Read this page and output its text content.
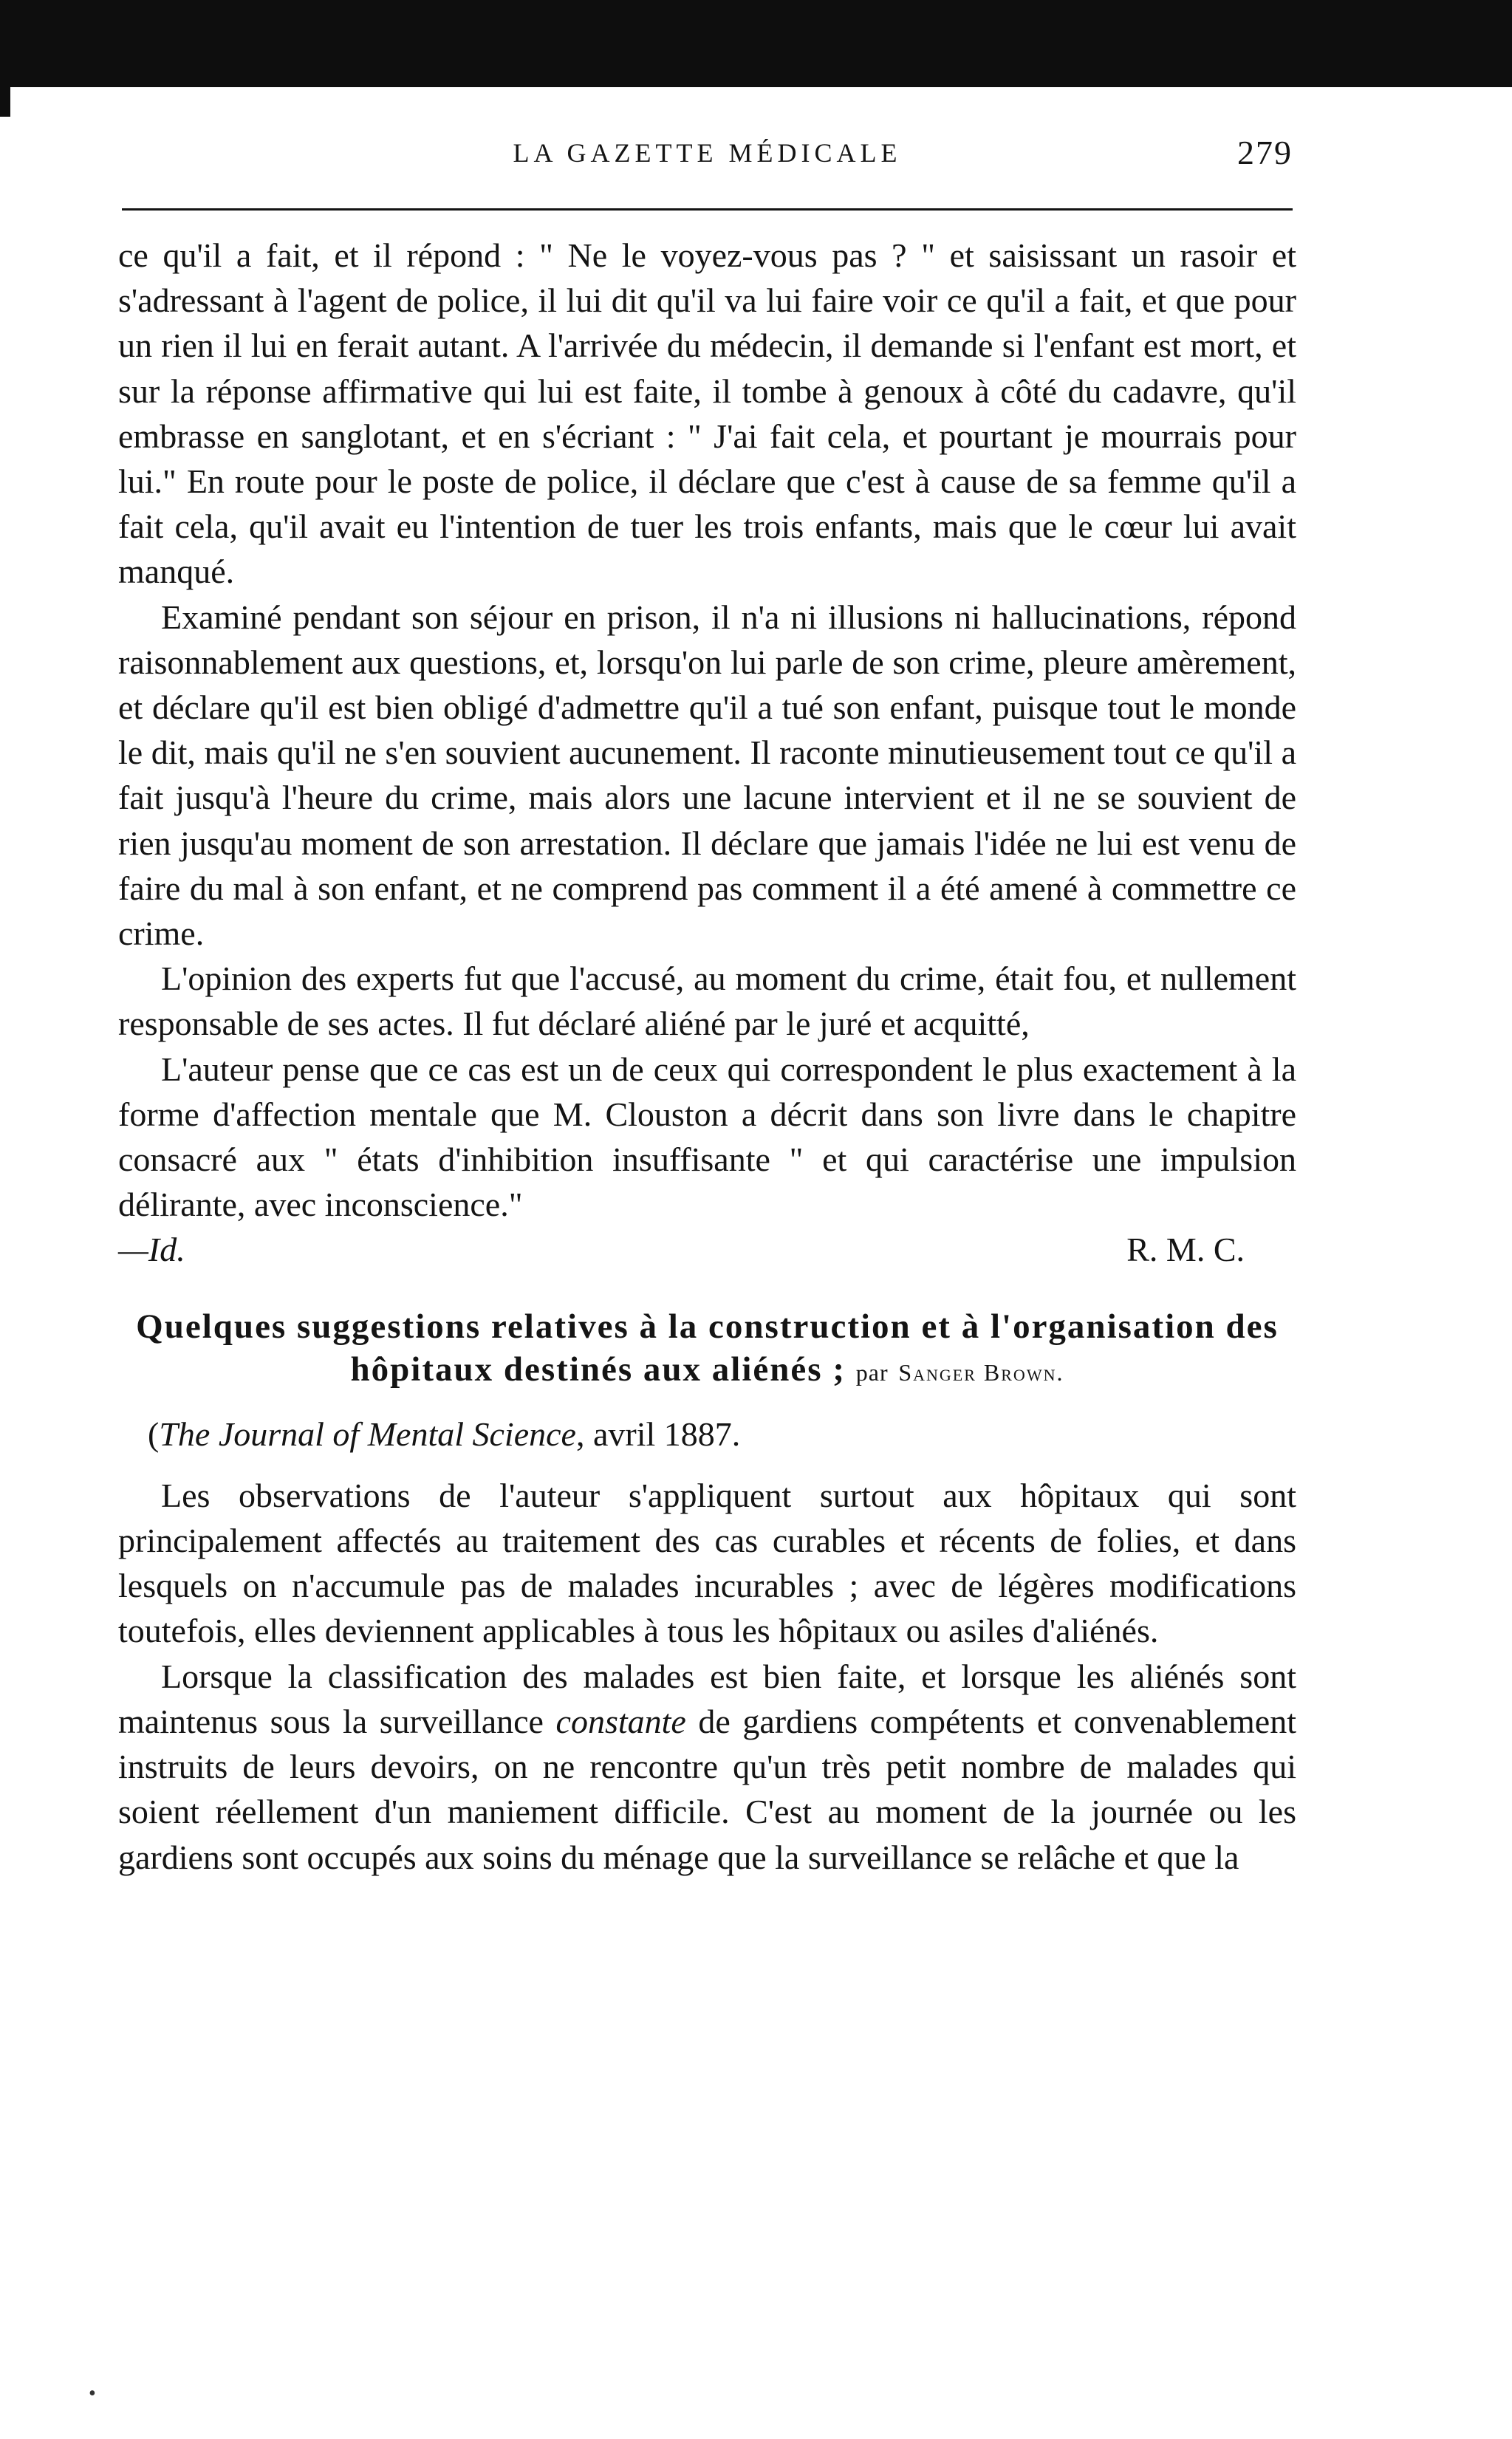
LA GAZETTE MÉDICALE	279

ce qu'il a fait, et il répond : " Ne le voyez-vous pas ? " et saisissant un rasoir et s'adressant à l'agent de police, il lui dit qu'il va lui faire voir ce qu'il a fait, et que pour un rien il lui en ferait autant. A l'arrivée du médecin, il demande si l'enfant est mort, et sur la réponse affirmative qui lui est faite, il tombe à genoux à côté du cadavre, qu'il embrasse en sanglotant, et en s'écriant : " J'ai fait cela, et pourtant je mourrais pour lui." En route pour le poste de police, il déclare que c'est à cause de sa femme qu'il a fait cela, qu'il avait eu l'intention de tuer les trois enfants, mais que le cœur lui avait manqué.

Examiné pendant son séjour en prison, il n'a ni illusions ni hallucinations, répond raisonnablement aux questions, et, lorsqu'on lui parle de son crime, pleure amèrement, et déclare qu'il est bien obligé d'admettre qu'il a tué son enfant, puisque tout le monde le dit, mais qu'il ne s'en souvient aucunement. Il raconte minutieusement tout ce qu'il a fait jusqu'à l'heure du crime, mais alors une lacune intervient et il ne se souvient de rien jusqu'au moment de son arrestation. Il déclare que jamais l'idée ne lui est venu de faire du mal à son enfant, et ne comprend pas comment il a été amené à commettre ce crime.

L'opinion des experts fut que l'accusé, au moment du crime, était fou, et nullement responsable de ses actes. Il fut déclaré aliéné par le juré et acquitté,

L'auteur pense que ce cas est un de ceux qui correspondent le plus exactement à la forme d'affection mentale que M. Clouston a décrit dans son livre dans le chapitre consacré aux " états d'inhibition insuffisante " et qui caractérise une impulsion délirante, avec inconscience."

—Id.	R. M. C.
Quelques suggestions relatives à la construction et à l'organisation des hôpitaux destinés aux aliénés ; par Sanger Brown.
(The Journal of Mental Science, avril 1887.

Les observations de l'auteur s'appliquent surtout aux hôpitaux qui sont principalement affectés au traitement des cas curables et récents de folies, et dans lesquels on n'accumule pas de malades incurables ; avec de légères modifications toutefois, elles deviennent applicables à tous les hôpitaux ou asiles d'aliénés.

Lorsque la classification des malades est bien faite, et lorsque les aliénés sont maintenus sous la surveillance constante de gardiens compétents et convenablement instruits de leurs devoirs, on ne rencontre qu'un très petit nombre de malades qui soient réellement d'un maniement difficile. C'est au moment de la journée ou les gardiens sont occupés aux soins du ménage que la surveillance se relâche et que la

•
